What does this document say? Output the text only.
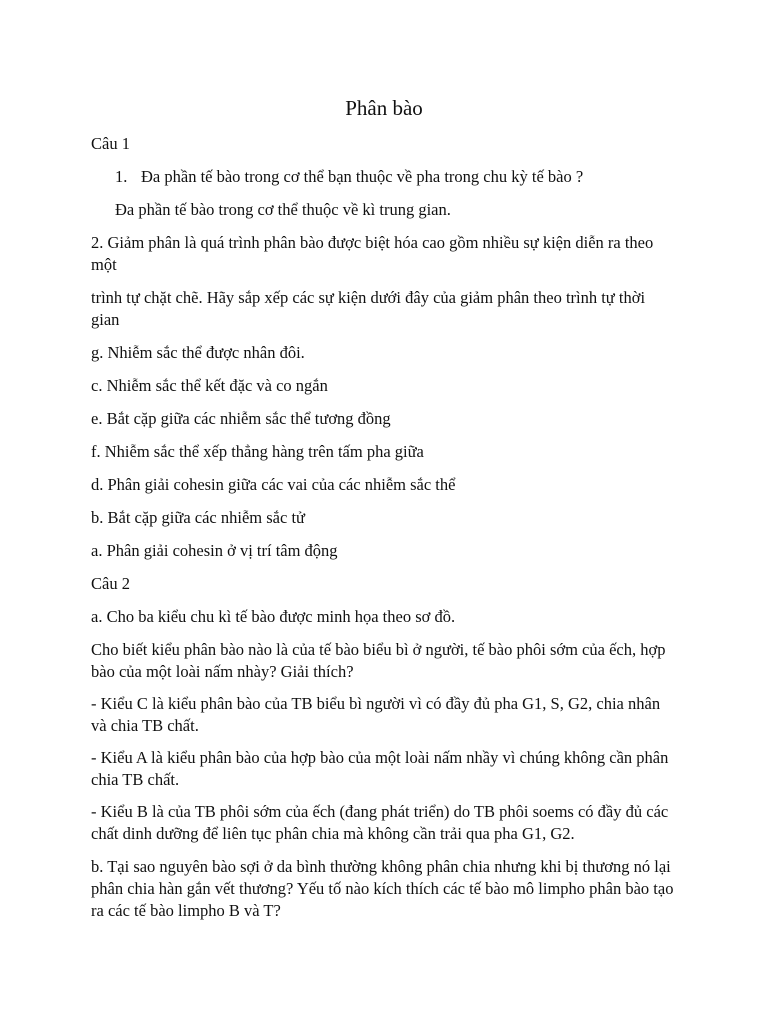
Phân bào
Câu 1
1. Đa phần tế bào trong cơ thể bạn thuộc về pha trong chu kỳ tế bào ?
Đa phần tế bào trong cơ thể thuộc về kì trung gian.
2. Giảm phân là quá trình phân bào được biệt hóa cao gồm nhiều sự kiện diễn ra theo một
trình tự chặt chẽ. Hãy sắp xếp các sự kiện dưới đây của giảm phân theo trình tự thời gian
g. Nhiễm sắc thể được nhân đôi.
c. Nhiễm sắc thể kết đặc và co ngắn
e. Bắt cặp giữa các nhiễm sắc thể tương đồng
f. Nhiễm sắc thể xếp thẳng hàng trên tấm pha giữa
d. Phân giải cohesin giữa các vai của các nhiễm sắc thể
b. Bắt cặp giữa các nhiễm sắc tử
a. Phân giải cohesin ở vị trí tâm động
Câu 2
a. Cho ba kiểu chu kì tế bào được minh họa theo sơ đồ.
Cho biết kiểu phân bào nào là của tế bào biểu bì ở người, tế bào phôi sớm của ếch, hợp bào của một loài nấm nhày? Giải thích?
- Kiểu C là kiểu phân bào của TB biểu bì người vì có đầy đủ pha G1, S, G2, chia nhân và chia TB chất.
- Kiểu A là kiểu phân bào của hợp bào của một loài nấm nhầy vì chúng không cần phân chia TB chất.
- Kiểu B là của TB phôi sớm của ếch (đang phát triển) do TB phôi soems có đầy đủ các chất dinh dưỡng để liên tục phân chia mà không cần trải qua pha G1, G2.
b. Tại sao nguyên bào sợi ở da bình thường không phân chia nhưng khi bị thương nó lại phân chia hàn gắn vết thương? Yếu tố nào kích thích các tế bào mô limpho phân bào tạo ra các tế bào limpho B và T?
